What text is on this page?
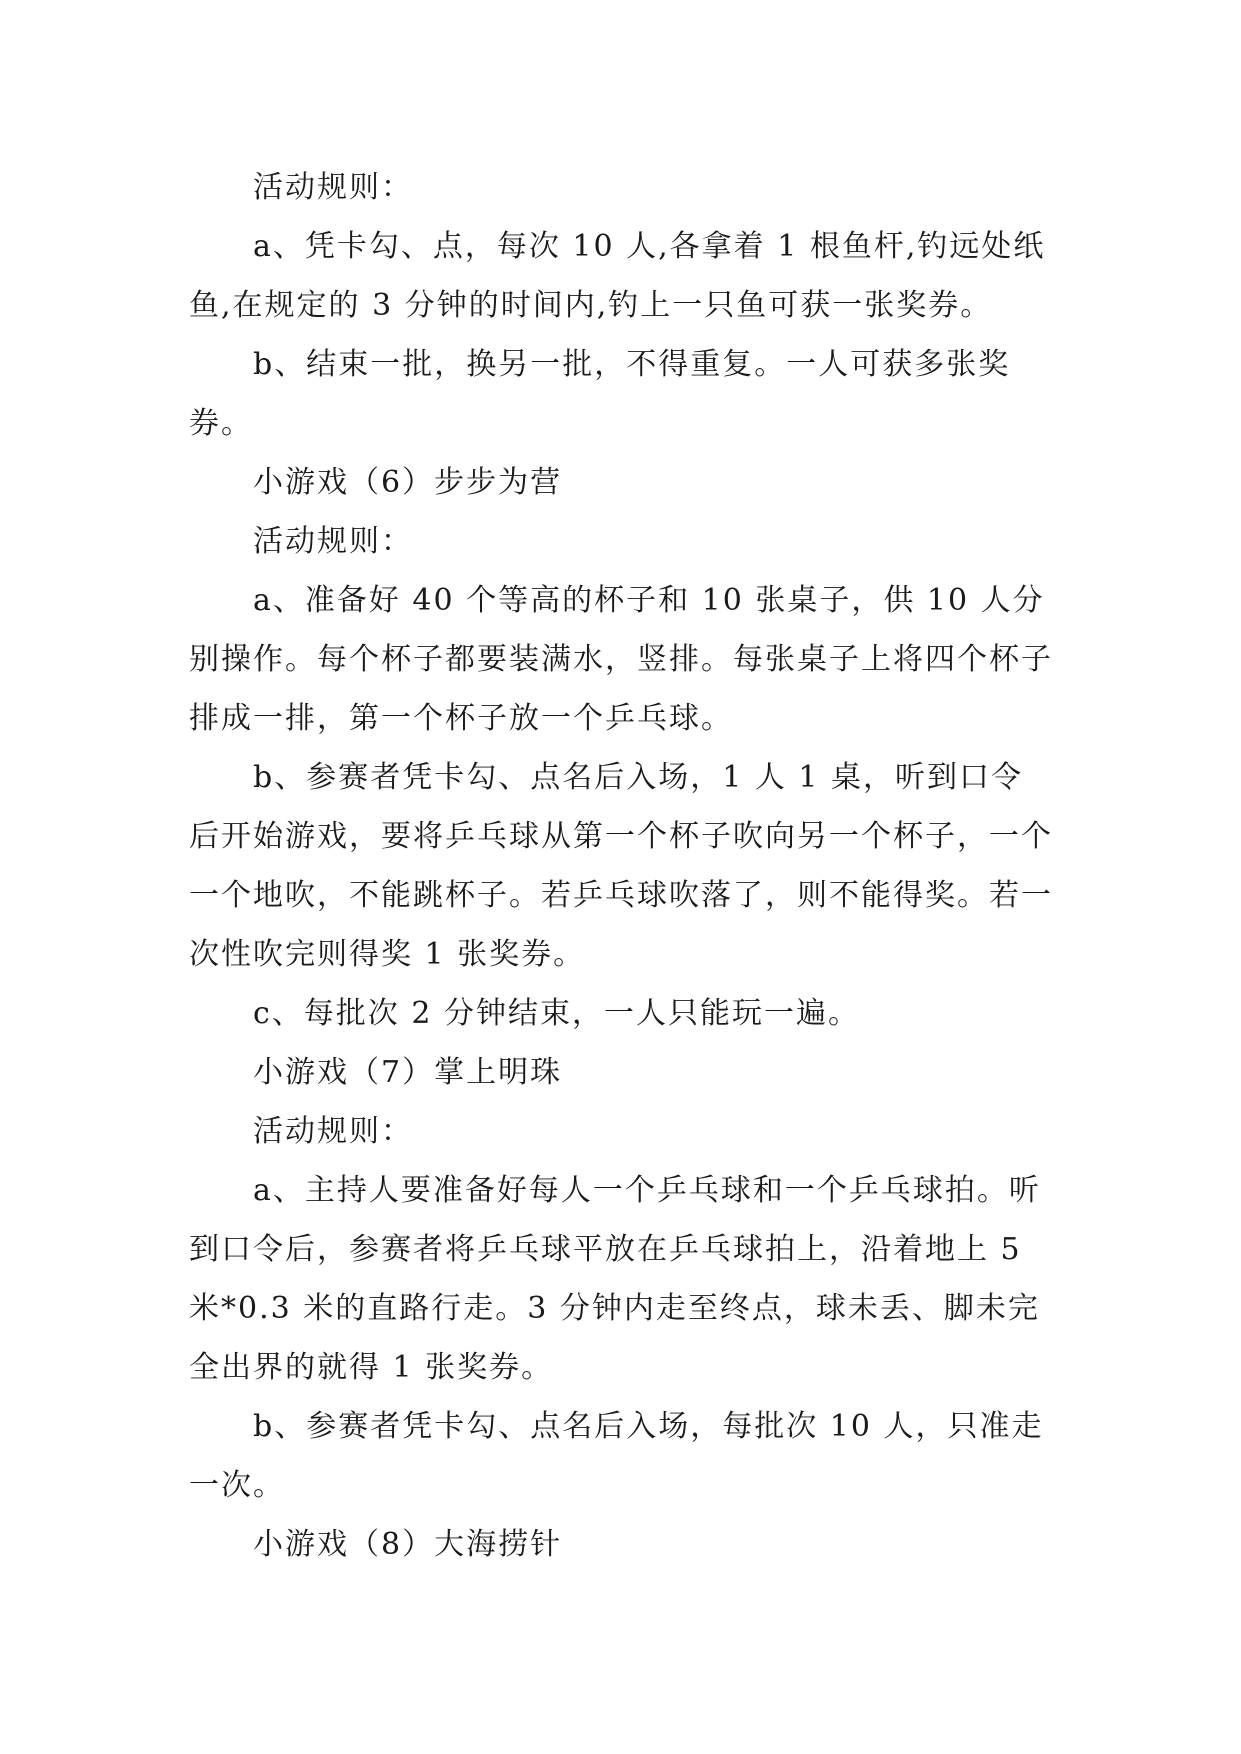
活动规则：

a、凭卡勾、点，每次 10 人,各拿着 1 根鱼杆,钓远处纸鱼,在规定的 3 分钟的时间内,钓上一只鱼可获一张奖券。

b、结束一批，换另一批，不得重复。一人可获多张奖券。

小游戏（6）步步为营

活动规则：

a、准备好 40 个等高的杯子和 10 张桌子，供 10 人分别操作。每个杯子都要装满水，竖排。每张桌子上将四个杯子排成一排，第一个杯子放一个乒乓球。

b、参赛者凭卡勾、点名后入场，1 人 1 桌，听到口令后开始游戏，要将乒乓球从第一个杯子吹向另一个杯子，一个一个地吹，不能跳杯子。若乒乓球吹落了，则不能得奖。若一次性吹完则得奖 1 张奖券。

c、每批次 2 分钟结束，一人只能玩一遍。

小游戏（7）掌上明珠

活动规则：

a、主持人要准备好每人一个乒乓球和一个乒乓球拍。听到口令后，参赛者将乒乓球平放在乒乓球拍上，沿着地上 5 米*0.3 米的直路行走。3 分钟内走至终点，球未丢、脚未完全出界的就得 1 张奖券。

b、参赛者凭卡勾、点名后入场，每批次 10 人，只准走一次。

小游戏（8）大海捞针
